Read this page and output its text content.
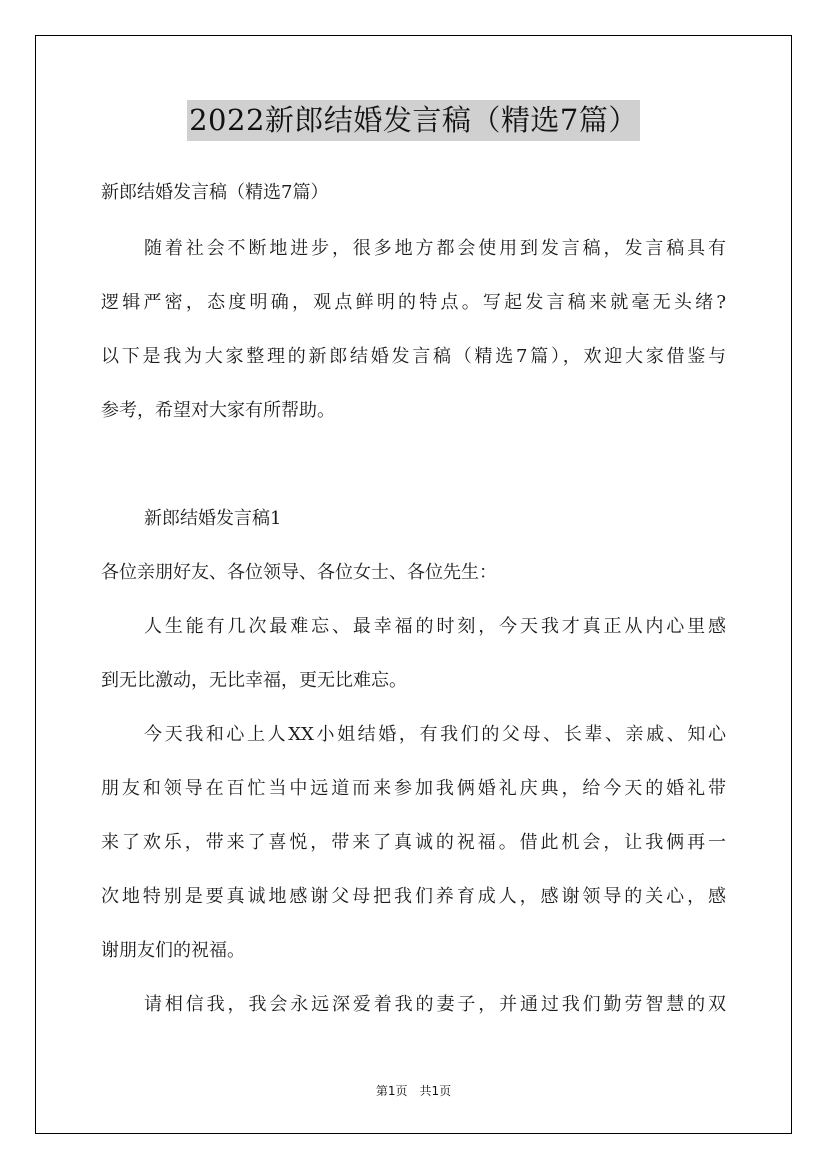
2022新郎结婚发言稿（精选7篇）
新郎结婚发言稿（精选7篇）
随着社会不断地进步，很多地方都会使用到发言稿，发言稿具有
逻辑严密，态度明确，观点鲜明的特点。写起发言稿来就毫无头绪?
以下是我为大家整理的新郎结婚发言稿（精选7篇），欢迎大家借鉴与
参考，希望对大家有所帮助。
新郎结婚发言稿1
各位亲朋好友、各位领导、各位女士、各位先生：
人生能有几次最难忘、最幸福的时刻，今天我才真正从内心里感
到无比激动，无比幸福，更无比难忘。
今天我和心上人XX小姐结婚，有我们的父母、长辈、亲戚、知心
朋友和领导在百忙当中远道而来参加我俩婚礼庆典，给今天的婚礼带
来了欢乐，带来了喜悦，带来了真诚的祝福。借此机会，让我俩再一
次地特别是要真诚地感谢父母把我们养育成人，感谢领导的关心，感
谢朋友们的祝福。
请相信我，我会永远深爱着我的妻子，并通过我们勤劳智慧的双
第1页 共1页
